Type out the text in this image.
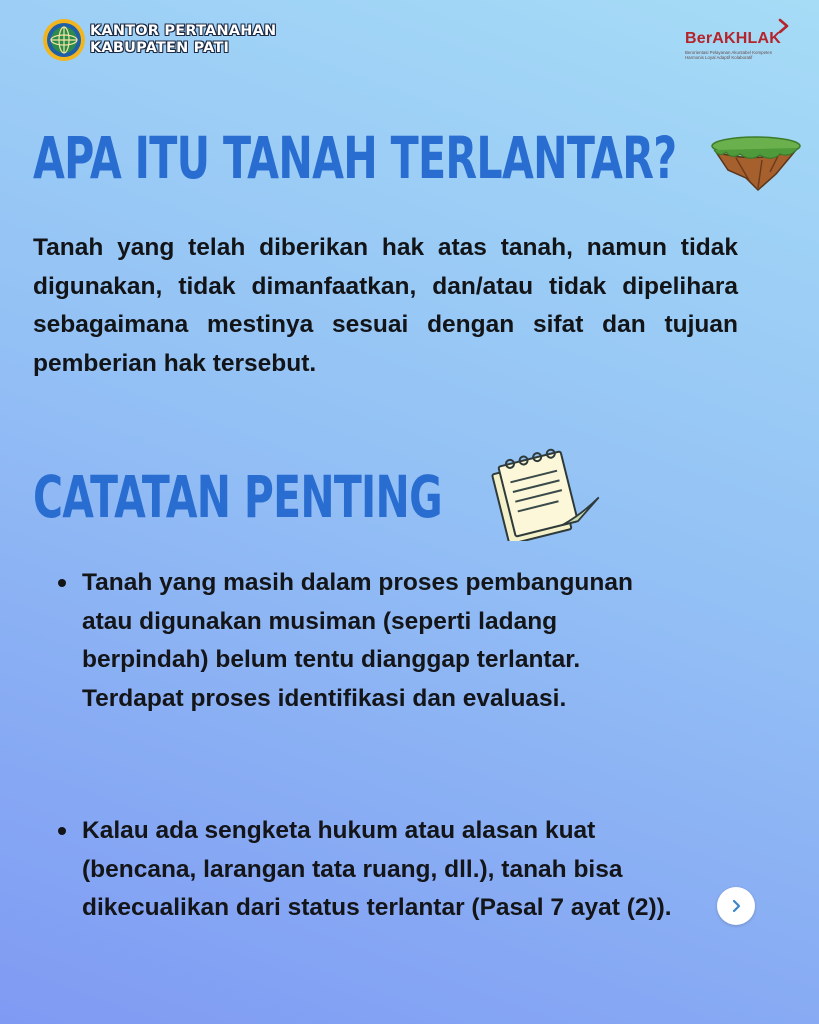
KANTOR PERTANAHAN
KABUPATEN PATI
BerAKHLAK
Berorientasi Pelayanan Akuntabel Kompeten
Harmonis Loyal Adaptif Kolaboratif
APA ITU TANAH TERLANTAR?

Tanah yang telah diberikan hak atas tanah, namun tidak digunakan, tidak dimanfaatkan, dan/atau tidak dipelihara sebagaimana mestinya sesuai dengan sifat dan tujuan pemberian hak tersebut.

CATATAN PENTING
Tanah yang masih dalam proses pembangunan atau digunakan musiman (seperti ladang berpindah) belum tentu dianggap terlantar. Terdapat proses identifikasi dan evaluasi.
Kalau ada sengketa hukum atau alasan kuat (bencana, larangan tata ruang, dll.), tanah bisa dikecualikan dari status terlantar (Pasal 7 ayat (2)).
